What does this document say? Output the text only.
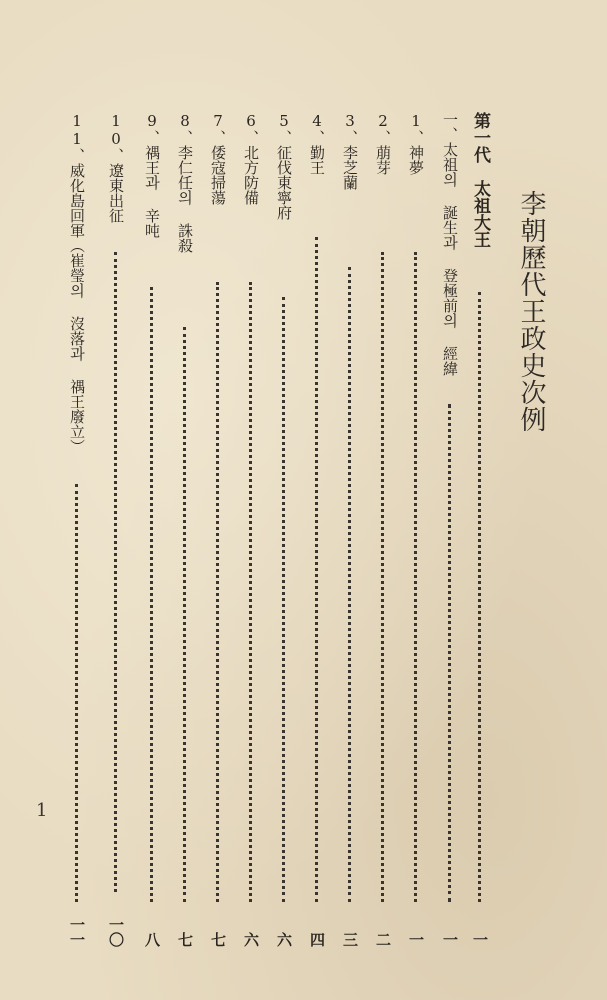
李朝歷代王政史次例
第一代　太祖大王
一
一、太祖의 誕生과 登極前의 經緯
一
1、神夢
一
2、萠芽
二
3、李芝蘭
三
4、勤王
四
5、征伐東寧府
六
6、北方防備
六
7、倭寇掃蕩
七
8、李仁任의 誅殺
七
9、禑王과 辛吨
八
10、遼東出征
一〇
11、威化島回軍（崔瑩의 沒落과 禑王廢立）
一一
1
